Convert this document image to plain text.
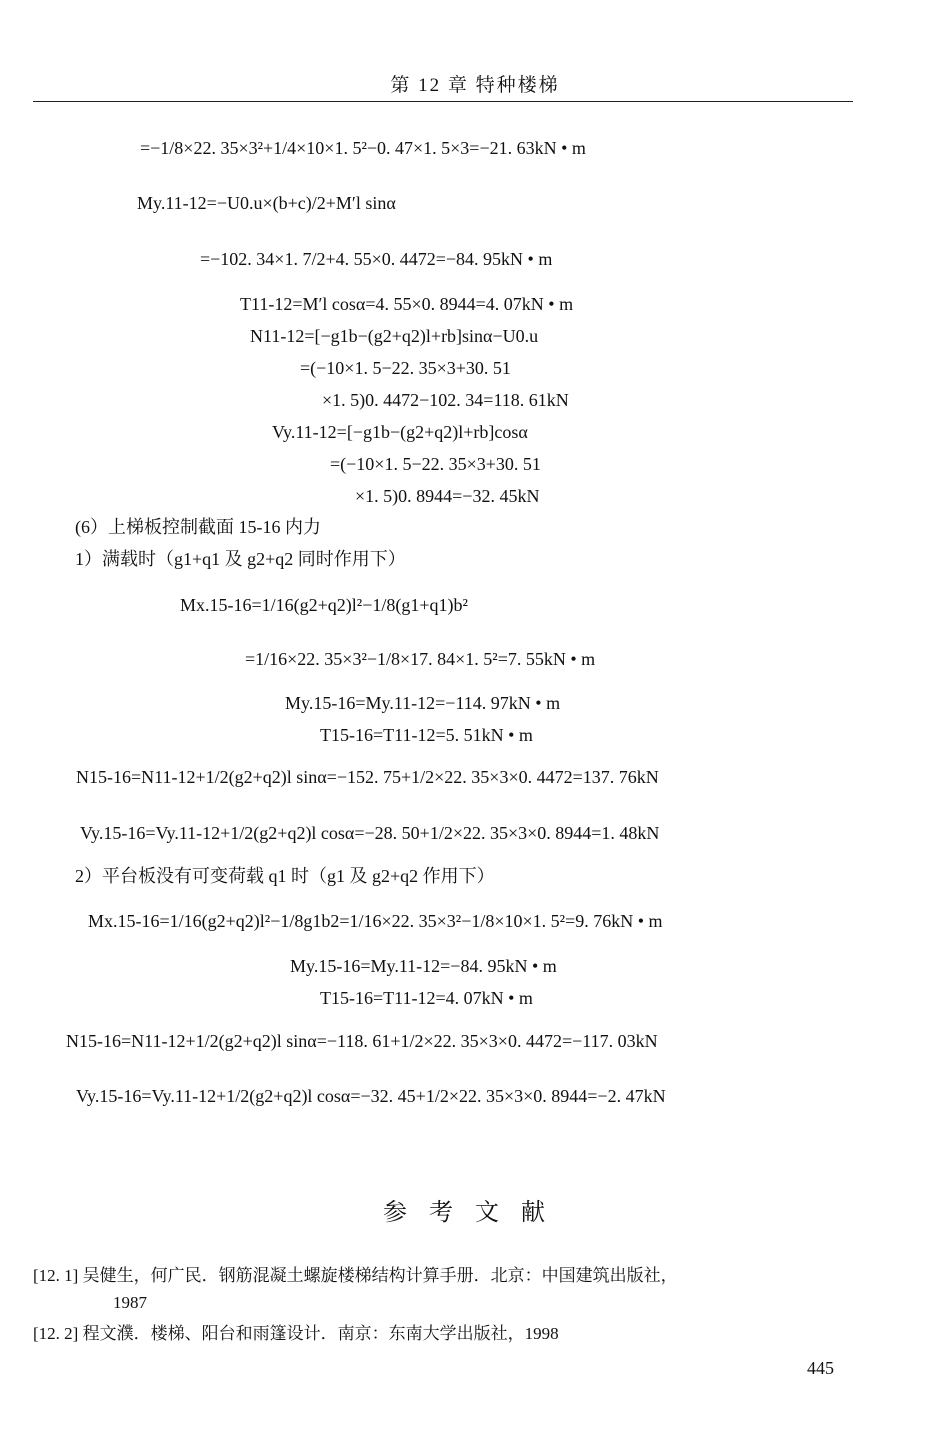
第 12 章 特种楼梯
=−1/8×22. 35×3²+1/4×10×1. 5²−0. 47×1. 5×3=−21. 63kN • m
My.11-12=−U0.u×(b+c)/2+M′l sinα
=−102. 34×1. 7/2+4. 55×0. 4472=−84. 95kN • m
T11-12=M′l cosα=4. 55×0. 8944=4. 07kN • m
N11-12=[−g1b−(g2+q2)l+rb]sinα−U0.u
=(−10×1. 5−22. 35×3+30. 51
×1. 5)0. 4472−102. 34=118. 61kN
Vy.11-12=[−g1b−(g2+q2)l+rb]cosα
=(−10×1. 5−22. 35×3+30. 51
×1. 5)0. 8944=−32. 45kN
(6）上梯板控制截面 15-16 内力
1）满载时（g1+q1 及 g2+q2 同时作用下）
Mx.15-16=1/16(g2+q2)l²−1/8(g1+q1)b²
=1/16×22. 35×3²−1/8×17. 84×1. 5²=7. 55kN • m
My.15-16=My.11-12=−114. 97kN • m
T15-16=T11-12=5. 51kN • m
N15-16=N11-12+1/2(g2+q2)l sinα=−152. 75+1/2×22. 35×3×0. 4472=137. 76kN
Vy.15-16=Vy.11-12+1/2(g2+q2)l cosα=−28. 50+1/2×22. 35×3×0. 8944=1. 48kN
2）平台板没有可变荷载 q1 时（g1 及 g2+q2 作用下）
Mx.15-16=1/16(g2+q2)l²−1/8g1b2=1/16×22. 35×3²−1/8×10×1. 5²=9. 76kN • m
My.15-16=My.11-12=−84. 95kN • m
T15-16=T11-12=4. 07kN • m
N15-16=N11-12+1/2(g2+q2)l sinα=−118. 61+1/2×22. 35×3×0. 4472=−117. 03kN
Vy.15-16=Vy.11-12+1/2(g2+q2)l cosα=−32. 45+1/2×22. 35×3×0. 8944=−2. 47kN
参考文献
[12. 1] 吴健生，何广民．钢筋混凝土螺旋楼梯结构计算手册．北京：中国建筑出版社，
1987
[12. 2] 程文濮．楼梯、阳台和雨篷设计．南京：东南大学出版社，1998
445
